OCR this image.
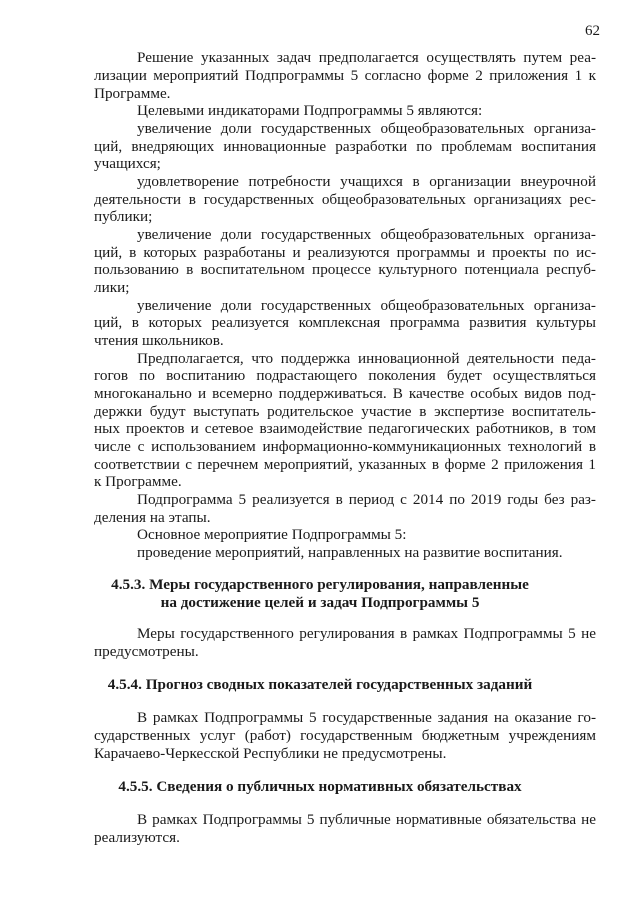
62
Решение указанных задач предполагается осуществлять путем реа-
лизации мероприятий Подпрограммы 5 согласно форме 2 приложения 1 к
Программе.
Целевыми индикаторами Подпрограммы 5 являются:
увеличение доли государственных общеобразовательных организа-
ций, внедряющих инновационные разработки по проблемам воспитания
учащихся;
удовлетворение потребности учащихся в организации внеурочной
деятельности в государственных общеобразовательных организациях рес-
публики;
увеличение доли государственных общеобразовательных организа-
ций, в которых разработаны и реализуются программы и проекты по ис-
пользованию в воспитательном процессе культурного потенциала респуб-
лики;
увеличение доли государственных общеобразовательных организа-
ций, в которых реализуется комплексная программа развития культуры
чтения школьников.
Предполагается, что поддержка инновационной деятельности педа-
гогов по воспитанию подрастающего поколения будет осуществляться
многоканально и всемерно поддерживаться. В качестве особых видов под-
держки будут выступать родительское участие в экспертизе воспитатель-
ных проектов и сетевое взаимодействие педагогических работников, в том
числе с использованием информационно-коммуникационных технологий в
соответствии с перечнем мероприятий, указанных в форме 2 приложения 1
к Программе.
Подпрограмма 5 реализуется в период с 2014 по 2019 годы без раз-
деления на этапы.
Основное мероприятие Подпрограммы 5:
проведение мероприятий, направленных на развитие воспитания.
4.5.3. Меры государственного регулирования, направленные
на достижение целей и задач Подпрограммы 5
Меры государственного регулирования в рамках Подпрограммы 5 не
предусмотрены.
4.5.4. Прогноз сводных показателей государственных заданий
В рамках Подпрограммы 5 государственные задания на оказание го-
сударственных услуг (работ) государственным бюджетным учреждениям
Карачаево-Черкесской Республики не предусмотрены.
4.5.5. Сведения о публичных нормативных обязательствах
В рамках Подпрограммы 5 публичные нормативные обязательства не
реализуются.
